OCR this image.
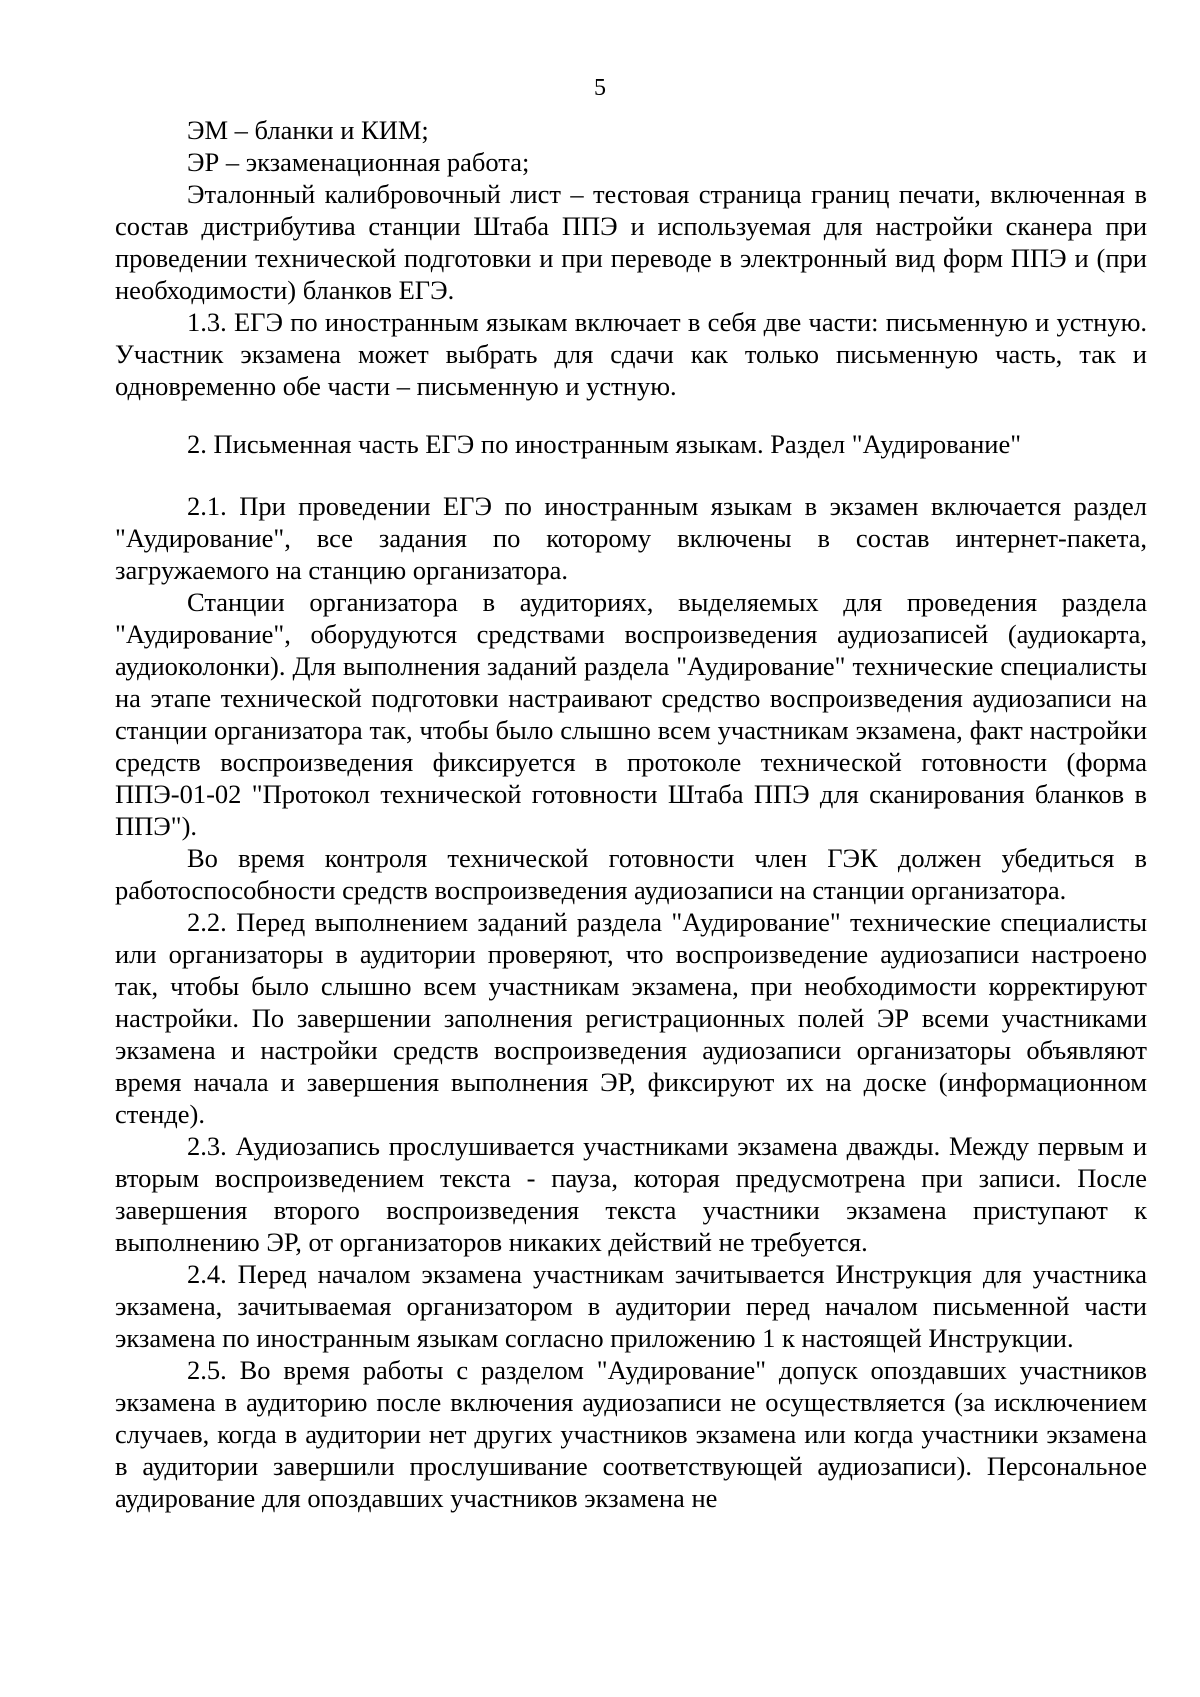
5

ЭМ – бланки и КИМ;

ЭР – экзаменационная работа;

Эталонный калибровочный лист – тестовая страница границ печати, включенная в состав дистрибутива станции Штаба ППЭ и используемая для настройки сканера при проведении технической подготовки и при переводе в электронный вид форм ППЭ и (при необходимости) бланков ЕГЭ.

1.3. ЕГЭ по иностранным языкам включает в себя две части: письменную и устную. Участник экзамена может выбрать для сдачи как только письменную часть, так и одновременно обе части – письменную и устную.

2. Письменная часть ЕГЭ по иностранным языкам. Раздел "Аудирование"

2.1. При проведении ЕГЭ по иностранным языкам в экзамен включается раздел "Аудирование", все задания по которому включены в состав интернет-пакета, загружаемого на станцию организатора.

Станции организатора в аудиториях, выделяемых для проведения раздела "Аудирование", оборудуются средствами воспроизведения аудиозаписей (аудиокарта, аудиоколонки). Для выполнения заданий раздела "Аудирование" технические специалисты на этапе технической подготовки настраивают средство воспроизведения аудиозаписи на станции организатора так, чтобы было слышно всем участникам экзамена, факт настройки средств воспроизведения фиксируется в протоколе технической готовности (форма ППЭ-01-02 "Протокол технической готовности Штаба ППЭ для сканирования бланков в ППЭ").

Во время контроля технической готовности член ГЭК должен убедиться в работоспособности средств воспроизведения аудиозаписи на станции организатора.

2.2. Перед выполнением заданий раздела "Аудирование" технические специалисты или организаторы в аудитории проверяют, что воспроизведение аудиозаписи настроено так, чтобы было слышно всем участникам экзамена, при необходимости корректируют настройки. По завершении заполнения регистрационных полей ЭР всеми участниками экзамена и настройки средств воспроизведения аудиозаписи организаторы объявляют время начала и завершения выполнения ЭР, фиксируют их на доске (информационном стенде).

2.3. Аудиозапись прослушивается участниками экзамена дважды. Между первым и вторым воспроизведением текста - пауза, которая предусмотрена при записи. После завершения второго воспроизведения текста участники экзамена приступают к выполнению ЭР, от организаторов никаких действий не требуется.

2.4. Перед началом экзамена участникам зачитывается Инструкция для участника экзамена, зачитываемая организатором в аудитории перед началом письменной части экзамена по иностранным языкам согласно приложению 1 к настоящей Инструкции.

2.5. Во время работы с разделом "Аудирование" допуск опоздавших участников экзамена в аудиторию после включения аудиозаписи не осуществляется (за исключением случаев, когда в аудитории нет других участников экзамена или когда участники экзамена в аудитории завершили прослушивание соответствующей аудиозаписи). Персональное аудирование для опоздавших участников экзамена не
